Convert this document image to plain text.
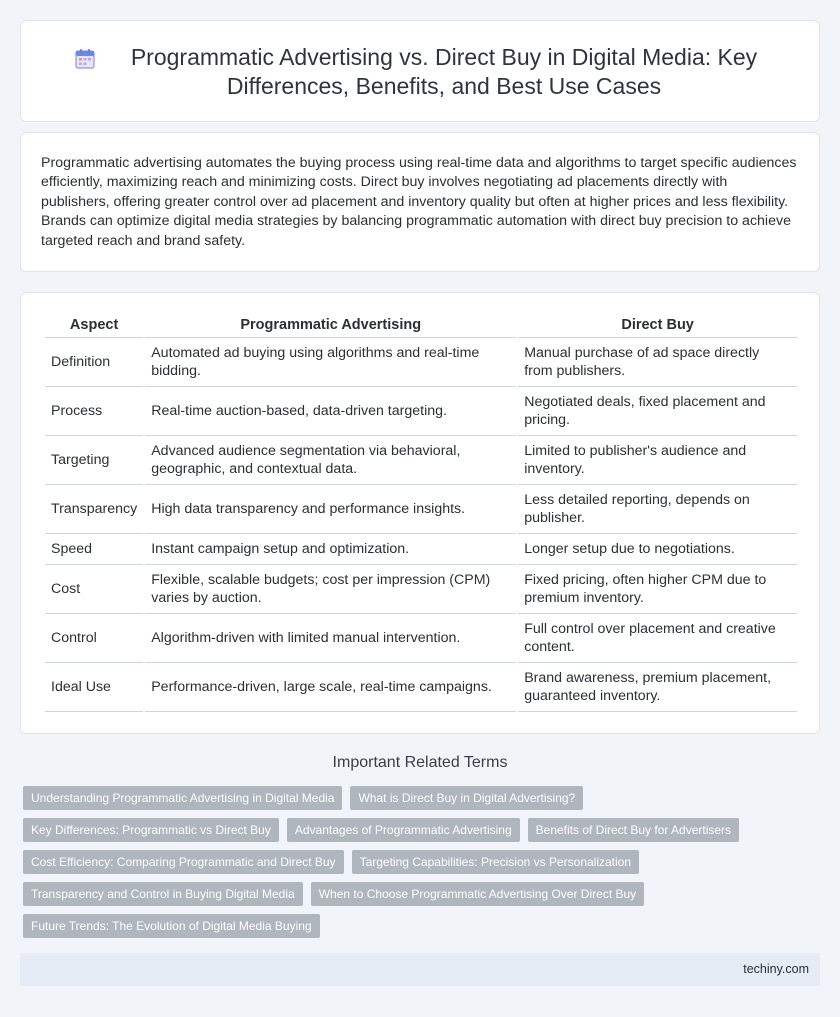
Programmatic Advertising vs. Direct Buy in Digital Media: Key Differences, Benefits, and Best Use Cases

Programmatic advertising automates the buying process using real-time data and algorithms to target specific audiences efficiently, maximizing reach and minimizing costs. Direct buy involves negotiating ad placements directly with publishers, offering greater control over ad placement and inventory quality but often at higher prices and less flexibility. Brands can optimize digital media strategies by balancing programmatic automation with direct buy precision to achieve targeted reach and brand safety.

Aspect	Programmatic Advertising	Direct Buy
Definition	Automated ad buying using algorithms and real-time bidding.	Manual purchase of ad space directly from publishers.
Process	Real-time auction-based, data-driven targeting.	Negotiated deals, fixed placement and pricing.
Targeting	Advanced audience segmentation via behavioral, geographic, and contextual data.	Limited to publisher's audience and inventory.
Transparency	High data transparency and performance insights.	Less detailed reporting, depends on publisher.
Speed	Instant campaign setup and optimization.	Longer setup due to negotiations.
Cost	Flexible, scalable budgets; cost per impression (CPM) varies by auction.	Fixed pricing, often higher CPM due to premium inventory.
Control	Algorithm-driven with limited manual intervention.	Full control over placement and creative content.
Ideal Use	Performance-driven, large scale, real-time campaigns.	Brand awareness, premium placement, guaranteed inventory.
Important Related Terms
Understanding Programmatic Advertising in Digital Media	What is Direct Buy in Digital Advertising?
Key Differences: Programmatic vs Direct Buy	Advantages of Programmatic Advertising	Benefits of Direct Buy for Advertisers
Cost Efficiency: Comparing Programmatic and Direct Buy	Targeting Capabilities: Precision vs Personalization
Transparency and Control in Buying Digital Media	When to Choose Programmatic Advertising Over Direct Buy
Future Trends: The Evolution of Digital Media Buying
techiny.com
